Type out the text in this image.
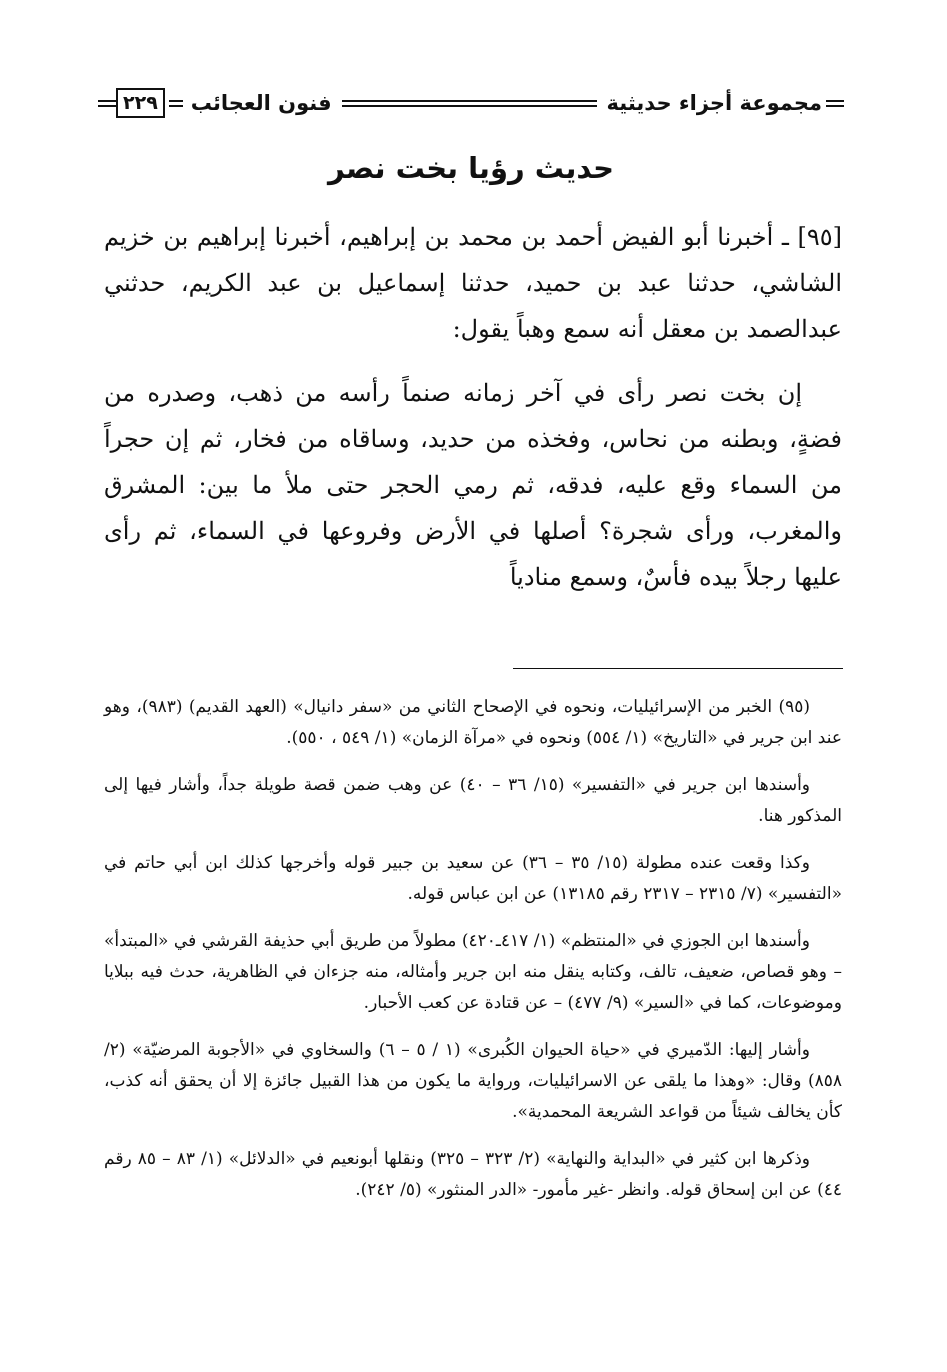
مجموعة أجزاء حديثية
فنون العجائب
٢٢٩
حديث رؤيا بخت نصر

[٩٥] ـ أخبرنا أبو الفيض أحمد بن محمد بن إبراهيم، أخبرنا إبراهيم بن خزيم الشاشي، حدثنا عبد بن حميد، حدثنا إسماعيل بن عبد الكريم، حدثني عبدالصمد بن معقل أنه سمع وهباً يقول:

إن بخت نصر رأى في آخر زمانه صنماً رأسه من ذهب، وصدره من فضةٍ، وبطنه من نحاس، وفخذه من حديد، وساقاه من فخار، ثم إن حجراً من السماء وقع عليه، فدقه، ثم رمي الحجر حتى ملأ ما بين: المشرق والمغرب، ورأى شجرة؟ أصلها في الأرض وفروعها في السماء، ثم رأى عليها رجلاً بيده فأسٌ، وسمع منادياً

(٩٥) الخبر من الإسرائيليات، ونحوه في الإصحاح الثاني من «سفر دانيال» (العهد القديم) (٩٨٣)، وهو عند ابن جرير في «التاريخ» (١/ ٥٥٤) ونحوه في «مرآة الزمان» (١/ ٥٤٩ ، ٥٥٠).

وأسندها ابن جرير في «التفسير» (١٥/ ٣٦ – ٤٠) عن وهب ضمن قصة طويلة جداً، وأشار فيها إلى المذكور هنا.

وكذا وقعت عنده مطولة (١٥/ ٣٥ – ٣٦) عن سعيد بن جبير قوله وأخرجها كذلك ابن أبي حاتم في «التفسير» (٧/ ٢٣١٥ – ٢٣١٧ رقم ١٣١٨٥) عن ابن عباس قوله.

وأسندها ابن الجوزي في «المنتظم» (١/ ٤١٧ـ٤٢٠) مطولاً من طريق أبي حذيفة القرشي في «المبتدأ» – وهو قصاص، ضعيف، تالف، وكتابه ينقل منه ابن جرير وأمثاله، منه جزءان في الظاهرية، حدث فيه ببلايا وموضوعات، كما في «السير» (٩/ ٤٧٧) – عن قتادة عن كعب الأحبار.

وأشار إليها: الدّميري في «حياة الحيوان الكُبرى» (١ / ٥ – ٦) والسخاوي في «الأجوبة المرضيّة» (٢/ ٨٥٨) وقال: «وهذا ما يلقى عن الاسرائيليات، ورواية ما يكون من هذا القبيل جائزة إلا أن يحقق أنه كذب، كأن يخالف شيئاً من قواعد الشريعة المحمدية».

وذكرها ابن كثير في «البداية والنهاية» (٢/ ٣٢٣ – ٣٢٥) ونقلها أبونعيم في «الدلائل» (١/ ٨٣ – ٨٥ رقم ٤٤) عن ابن إسحاق قوله. وانظر -غير مأمور- «الدر المنثور» (٥/ ٢٤٢).
